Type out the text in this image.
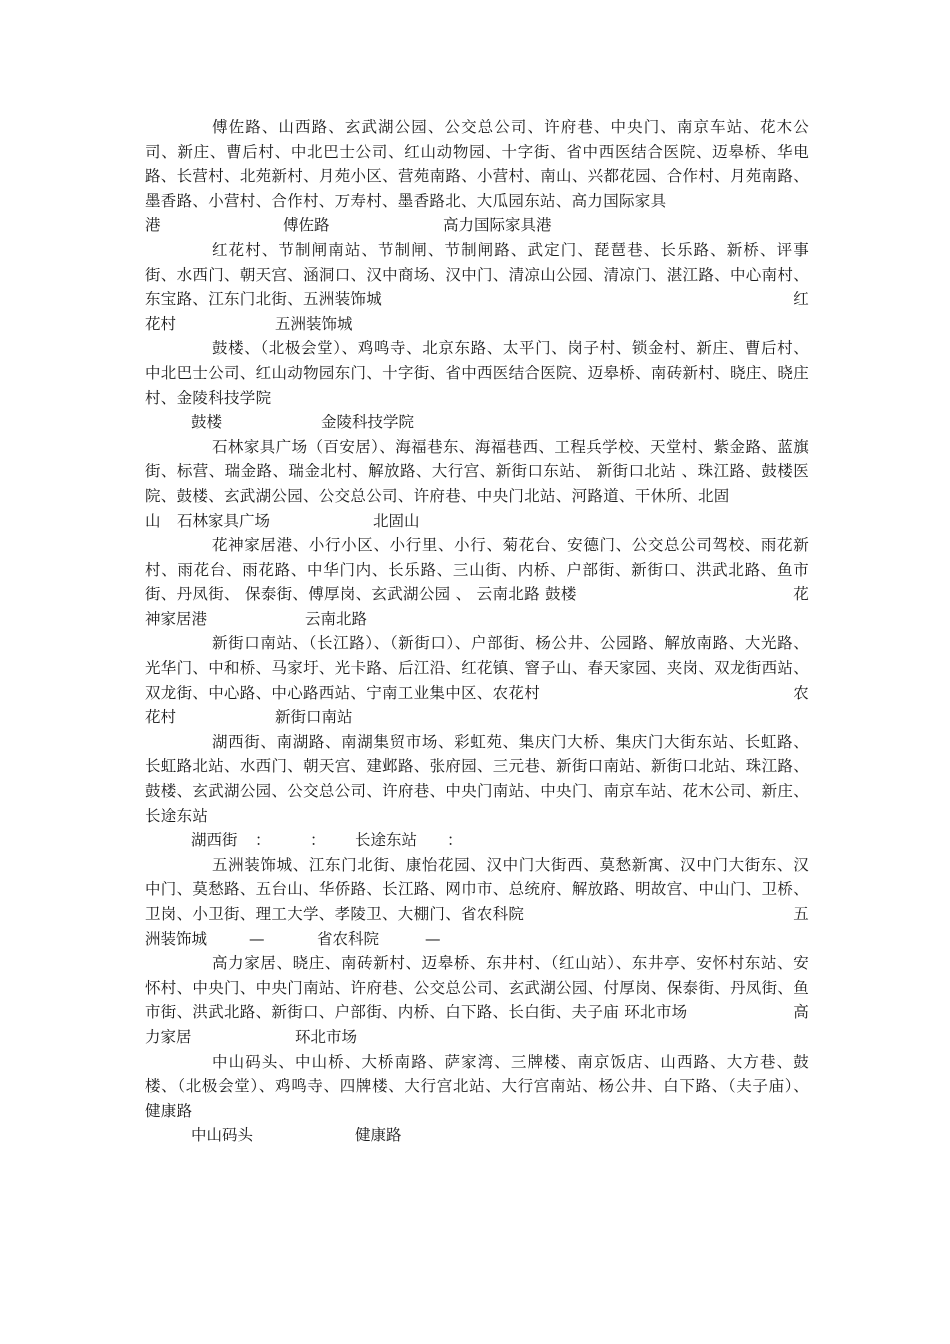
傅佐路、山西路、玄武湖公园、公交总公司、许府巷、中央门、南京车站、花木公司、新庄、曹后村、中北巴士公司、红山动物园、十字街、省中西医结合医院、迈皋桥、华电路、长营村、北苑新村、月苑小区、营苑南路、小营村、南山、兴都花园、合作村、月苑南路、墨香路、小营村、合作村、万寿村、墨香路北、大瓜园东站、高力国际家具

港	傅佐路	高力国际家具港

红花村、节制闸南站、节制闸、节制闸路、武定门、琵琶巷、长乐路、新桥、评事街、水西门、朝天宫、涵洞口、汉中商场、汉中门、清凉山公园、清凉门、湛江路、中心南村、东宝路、江东门北街、五洲装饰城	红

花村	五洲装饰城

鼓楼、（北极会堂）、鸡鸣寺、北京东路、太平门、岗子村、锁金村、新庄、曹后村、中北巴士公司、红山动物园东门、十字街、省中西医结合医院、迈皋桥、南砖新村、晓庄、晓庄村、金陵科技学院

鼓楼	金陵科技学院

石林家具广场（百安居）、海福巷东、海福巷西、工程兵学校、天堂村、紫金路、蓝旗街、标营、瑞金路、瑞金北村、解放路、大行宫、新街口东站、 新街口北站 、珠江路、鼓楼医院、鼓楼、玄武湖公园、公交总公司、许府巷、中央门北站、河路道、干休所、北固

山	石林家具广场	北固山

花神家居港、小行小区、小行里、小行、菊花台、安德门、公交总公司驾校、雨花新村、雨花台、雨花路、中华门内、长乐路、三山街、内桥、户部街、新街口、洪武北路、鱼市街、丹凤街、 保泰街、傅厚岗、玄武湖公园 、 云南北路 鼓楼	花

神家居港	云南北路

新街口南站、（长江路）、（新街口）、户部街、杨公井、公园路、解放南路、大光路、光华门、中和桥、马家圩、光卡路、后江沿、红花镇、窨子山、春天家园、夹岗、双龙街西站、双龙街、中心路、中心路西站、宁南工业集中区、农花村	农

花村	新街口南站

湖西街、南湖路、南湖集贸市场、彩虹苑、集庆门大桥、集庆门大街东站、长虹路、长虹路北站、水西门、朝天宫、建邺路、张府园、三元巷、新街口南站、新街口北站、珠江路、鼓楼、玄武湖公园、公交总公司、许府巷、中央门南站、中央门、南京车站、花木公司、新庄、长途东站

湖西街	：	：	长途东站	：

五洲装饰城、江东门北街、康怡花园、汉中门大街西、莫愁新寓、汉中门大街东、汉中门、莫愁路、五台山、华侨路、长江路、网巾市、总统府、解放路、明故宫、中山门、卫桥、卫岗、小卫街、理工大学、孝陵卫、大棚门、省农科院	五

洲装饰城	—	省农科院	—

高力家居、晓庄、南砖新村、迈皋桥、东井村、（红山站）、东井亭、安怀村东站、安怀村、中央门、中央门南站、许府巷、公交总公司、玄武湖公园、付厚岗、保泰街、丹凤街、鱼市街、洪武北路、新街口、户部街、内桥、白下路、长白街、夫子庙 环北市场	高

力家居	环北市场

中山码头、中山桥、大桥南路、萨家湾、三牌楼、南京饭店、山西路、大方巷、鼓楼、（北极会堂）、鸡鸣寺、四牌楼、大行宫北站、大行宫南站、杨公井、白下路、（夫子庙）、健康路

中山码头	健康路
